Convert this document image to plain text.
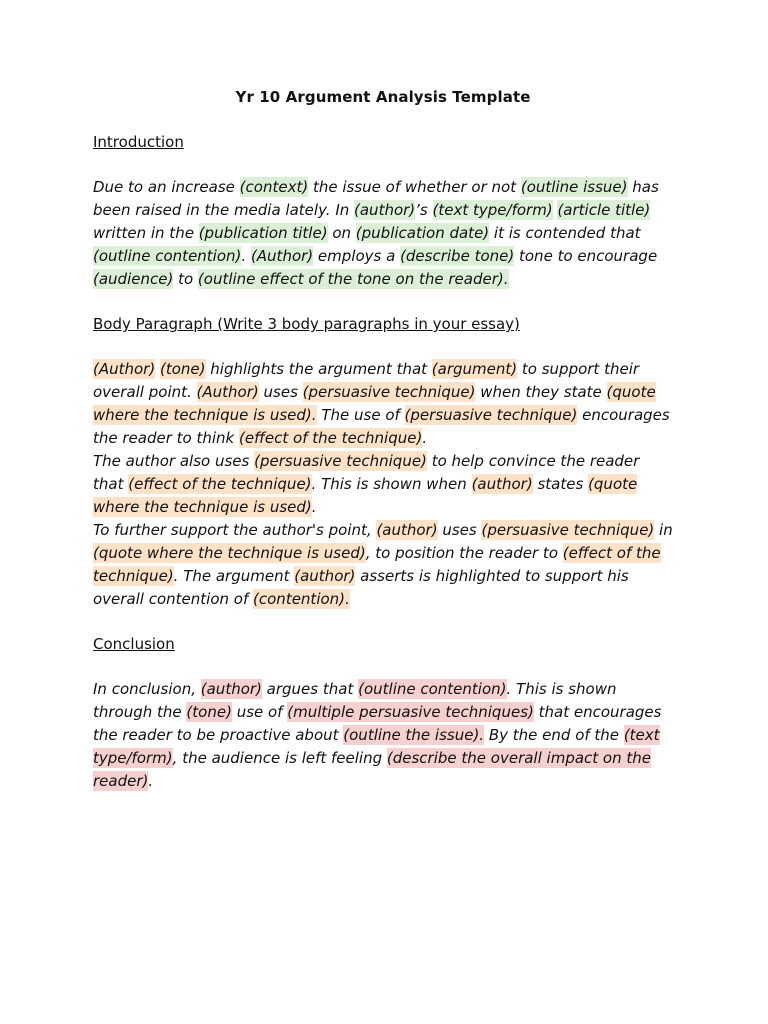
Yr 10 Argument Analysis Template
Introduction

Due to an increase (context) the issue of whether or not (outline issue) has been raised in the media lately. In (author)’s (text type/form) (article title) written in the (publication title) on (publication date) it is contended that (outline contention). (Author) employs a (describe tone) tone to encourage (audience) to (outline effect of the tone on the reader).

Body Paragraph (Write 3 body paragraphs in your essay)

(Author) (tone) highlights the argument that (argument) to support their overall point. (Author) uses (persuasive technique) when they state (quote where the technique is used). The use of (persuasive technique) encourages the reader to think (effect of the technique).

The author also uses (persuasive technique) to help convince the reader that (effect of the technique). This is shown when (author) states (quote where the technique is used).

To further support the author's point, (author) uses (persuasive technique) in (quote where the technique is used), to position the reader to (effect of the technique). The argument (author) asserts is highlighted to support his overall contention of (contention).

Conclusion

In conclusion, (author) argues that (outline contention). This is shown through the (tone) use of (multiple persuasive techniques) that encourages the reader to be proactive about (outline the issue). By the end of the (text type/form), the audience is left feeling (describe the overall impact on the reader).
